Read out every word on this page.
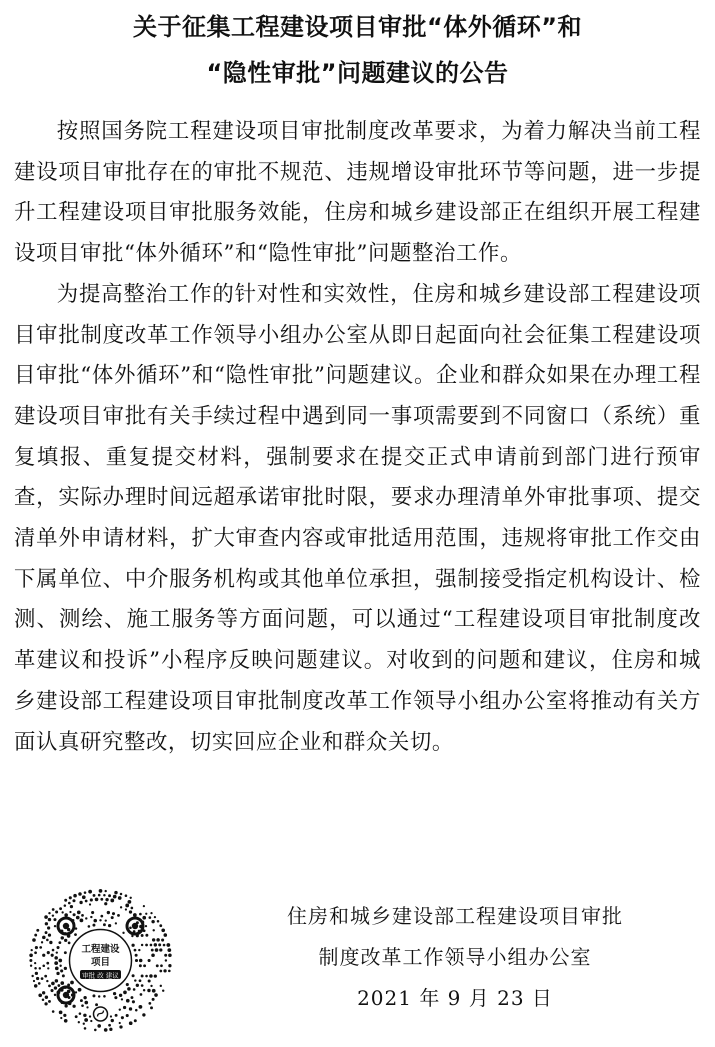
关于征集工程建设项目审批“体外循环”和
“隐性审批”问题建议的公告

按照国务院工程建设项目审批制度改革要求，为着力解决当前工程建设项目审批存在的审批不规范、违规增设审批环节等问题，进一步提升工程建设项目审批服务效能，住房和城乡建设部正在组织开展工程建设项目审批“体外循环”和“隐性审批”问题整治工作。

为提高整治工作的针对性和实效性，住房和城乡建设部工程建设项目审批制度改革工作领导小组办公室从即日起面向社会征集工程建设项目审批“体外循环”和“隐性审批”问题建议。企业和群众如果在办理工程建设项目审批有关手续过程中遇到同一事项需要到不同窗口（系统）重复填报、重复提交材料，强制要求在提交正式申请前到部门进行预审查，实际办理时间远超承诺审批时限，要求办理清单外审批事项、提交清单外申请材料，扩大审查内容或审批适用范围，违规将审批工作交由下属单位、中介服务机构或其他单位承担，强制接受指定机构设计、检测、测绘、施工服务等方面问题，可以通过“工程建设项目审批制度改革建议和投诉”小程序反映问题建议。对收到的问题和建议，住房和城乡建设部工程建设项目审批制度改革工作领导小组办公室将推动有关方面认真研究整改，切实回应企业和群众关切。

工程建设
项目
审批 改 建议
住房和城乡建设部工程建设项目审批
制度改革工作领导小组办公室
2021 年 9 月 23 日
